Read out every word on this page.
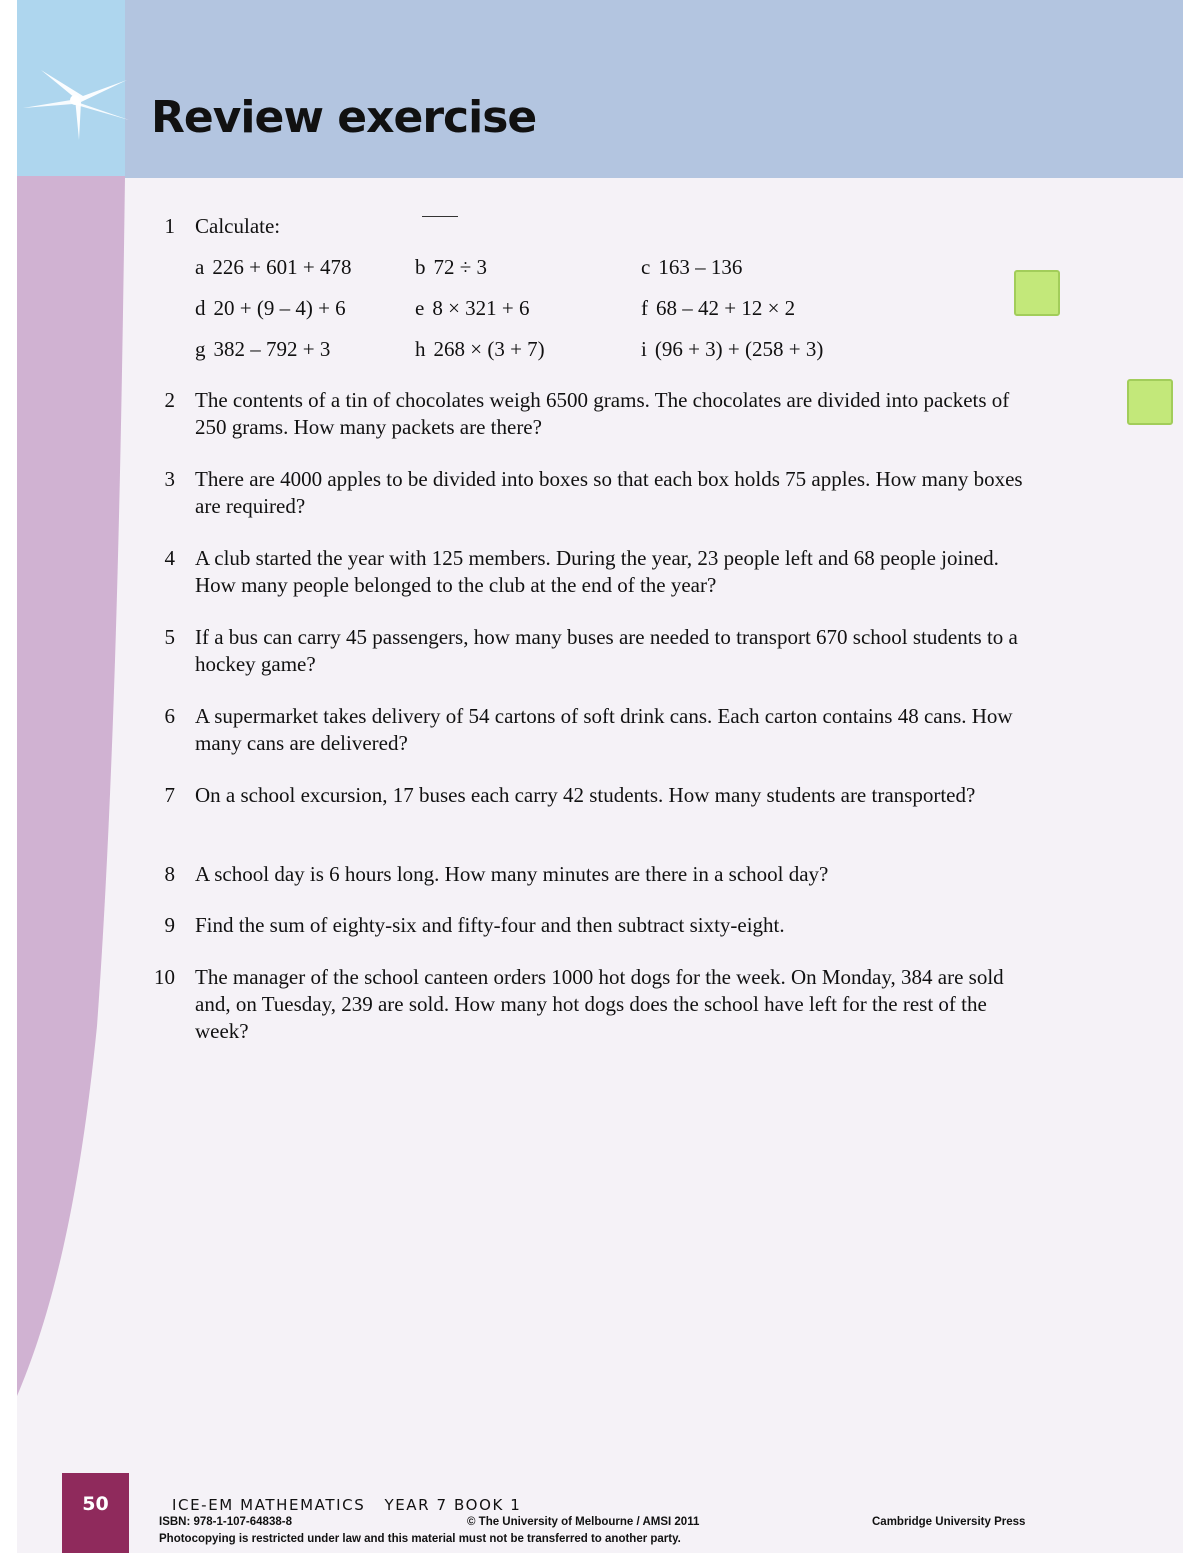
Review exercise
1 Calculate:
a 226 + 601 + 478	b 72 ÷ 3	c 163 – 136
d 20 + (9 – 4) + 6	e 8 × 321 + 6	f 68 – 42 + 12 × 2
g 382 – 792 + 3	h 268 × (3 + 7)	i (96 + 3) + (258 + 3)
2 The contents of a tin of chocolates weigh 6500 grams. The chocolates are divided into packets of 250 grams. How many packets are there?
3 There are 4000 apples to be divided into boxes so that each box holds 75 apples. How many boxes are required?
4 A club started the year with 125 members. During the year, 23 people left and 68 people joined. How many people belonged to the club at the end of the year?
5 If a bus can carry 45 passengers, how many buses are needed to transport 670 school students to a hockey game?
6 A supermarket takes delivery of 54 cartons of soft drink cans. Each carton contains 48 cans. How many cans are delivered?
7 On a school excursion, 17 buses each carry 42 students. How many students are transported?
8 A school day is 6 hours long. How many minutes are there in a school day?
9 Find the sum of eighty-six and fifty-four and then subtract sixty-eight.
10 The manager of the school canteen orders 1000 hot dogs for the week. On Monday, 384 are sold and, on Tuesday, 239 are sold. How many hot dogs does the school have left for the rest of the week?
50	ICE-EM MATHEMATICS   YEAR 7 BOOK 1
ISBN: 978-1-107-64838-8	© The University of Melbourne / AMSI 2011	Cambridge University Press
Photocopying is restricted under law and this material must not be transferred to another party.
